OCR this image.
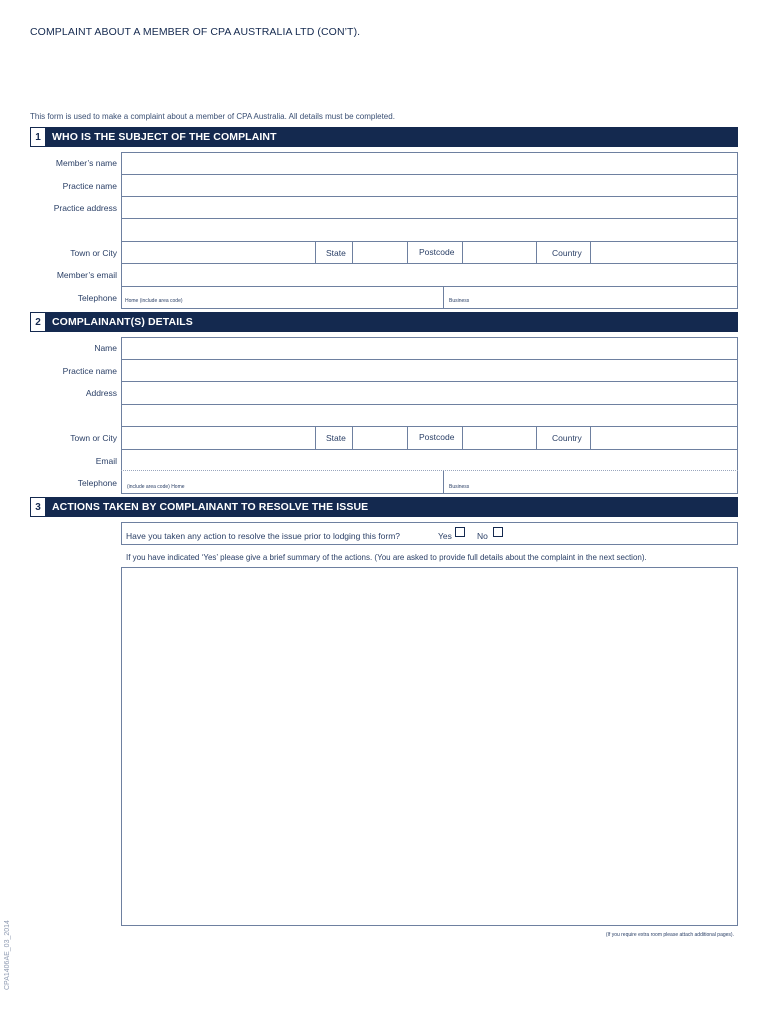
COMPLAINT ABOUT A MEMBER OF CPA AUSTRALIA LTD (CON’T).
This form is used to make a complaint about a member of CPA Australia. All details must be completed.
1	WHO IS THE SUBJECT OF THE COMPLAINT
Member’s name
Practice name
Practice address
Town or City	State	Postcode	Country
Member’s email
Telephone Home (include area code)	Business
2	COMPLAINANT(S) DETAILS
Name
Practice name
Address
Town or City	State	Postcode	Country
Email
Telephone (include area code) Home	Business
3	ACTIONS TAKEN BY COMPLAINANT TO RESOLVE THE ISSUE
Have you taken any action to resolve the issue prior to lodging this form?	Yes	No
If you have indicated ‘Yes’ please give a brief summary of the actions. (You are asked to provide full details about the complaint in the next section).
(If you require extra room please attach additional pages).
CPA1406AE_03_2014
